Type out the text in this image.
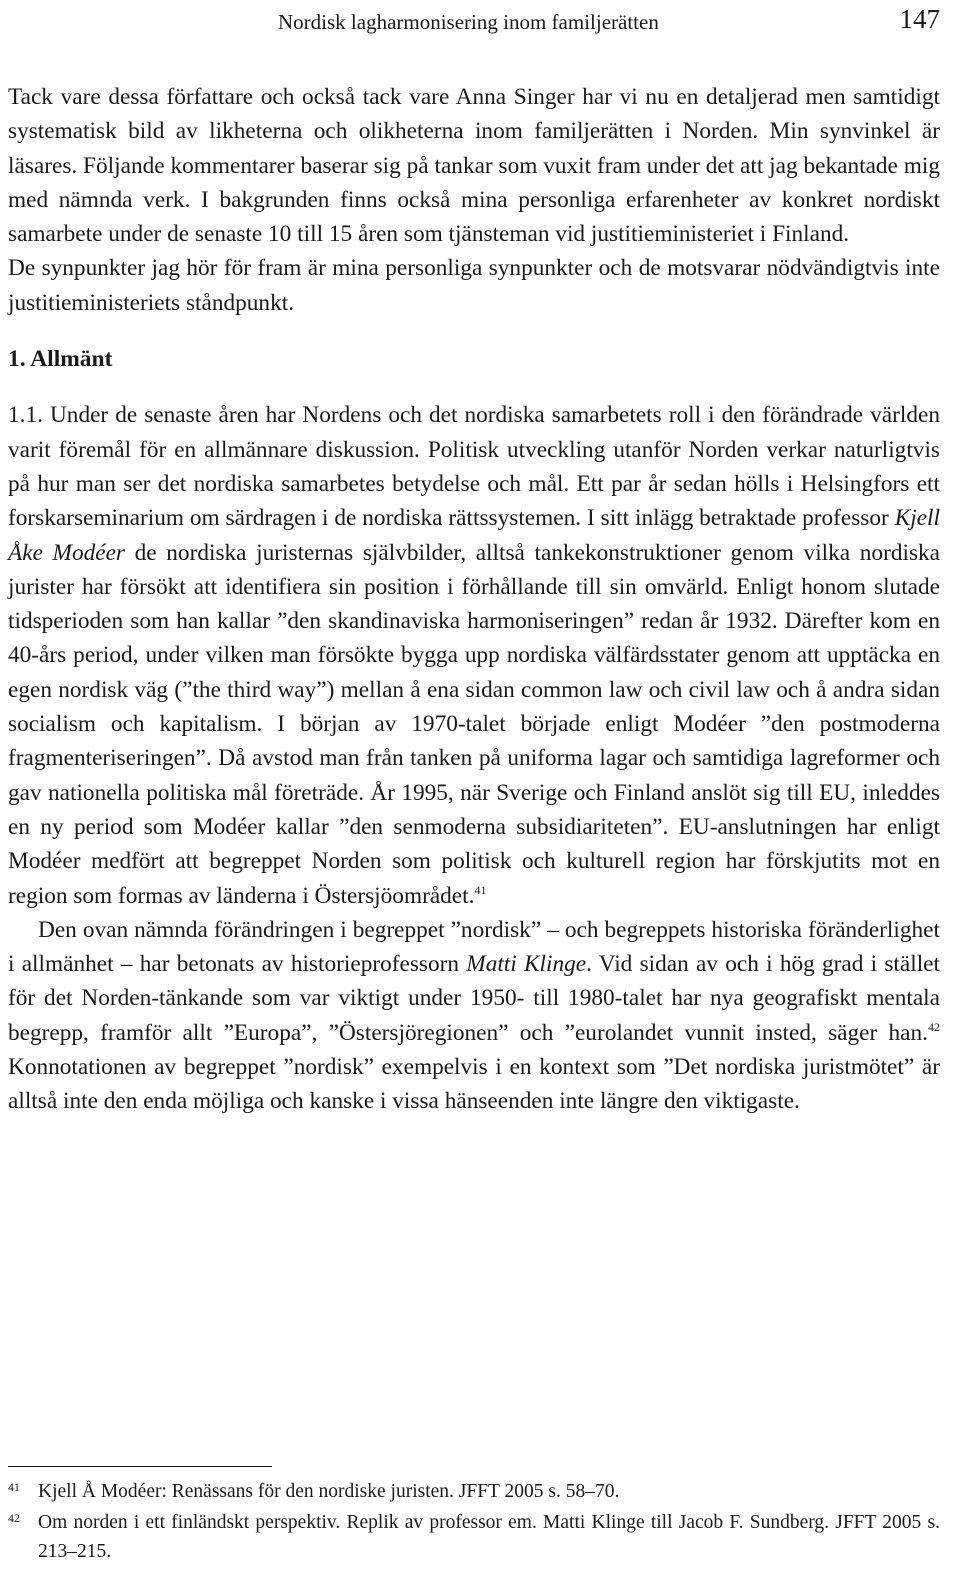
Nordisk lagharmonisering inom familjerätten	147

Tack vare dessa författare och också tack vare Anna Singer har vi nu en detaljerad men samtidigt systematisk bild av likheterna och olikheterna inom familjerätten i Norden. Min synvinkel är läsares. Följande kommentarer baserar sig på tankar som vuxit fram under det att jag bekantade mig med nämnda verk. I bakgrunden finns också mina personliga erfarenheter av konkret nordiskt samarbete under de senaste 10 till 15 åren som tjänsteman vid justitieministeriet i Finland.

De synpunkter jag hör för fram är mina personliga synpunkter och de motsvarar nödvändigtvis inte justitieministeriets ståndpunkt.

1. Allmänt

1.1. Under de senaste åren har Nordens och det nordiska samarbetets roll i den förändrade världen varit föremål för en allmännare diskussion. Politisk utveckling utanför Norden verkar naturligtvis på hur man ser det nordiska samarbetes betydelse och mål. Ett par år sedan hölls i Helsingfors ett forskarseminarium om särdragen i de nordiska rättssystemen. I sitt inlägg betraktade professor Kjell Åke Modéer de nordiska juristernas självbilder, alltså tankekonstruktioner genom vilka nordiska jurister har försökt att identifiera sin position i förhållande till sin omvärld. Enligt honom slutade tidsperioden som han kallar ”den skandinaviska harmoniseringen” redan år 1932. Därefter kom en 40-års period, under vilken man försökte bygga upp nordiska välfärdsstater genom att upptäcka en egen nordisk väg (”the third way”) mellan å ena sidan common law och civil law och å andra sidan socialism och kapitalism. I början av 1970-talet började enligt Modéer ”den postmoderna fragmenteriseringen”. Då avstod man från tanken på uniforma lagar och samtidiga lagreformer och gav nationella politiska mål företräde. År 1995, när Sverige och Finland anslöt sig till EU, inleddes en ny period som Modéer kallar ”den senmoderna subsidiariteten”. EU-anslutningen har enligt Modéer medfört att begreppet Norden som politisk och kulturell region har förskjutits mot en region som formas av länderna i Östersjöområdet.$^{41}$

Den ovan nämnda förändringen i begreppet ”nordisk” – och begreppets historiska föränderlighet i allmänhet – har betonats av historieprofessorn Matti Klinge. Vid sidan av och i hög grad i stället för det Norden-tänkande som var viktigt under 1950- till 1980-talet har nya geografiskt mentala begrepp, framför allt ”Europa”, ”Östersjöregionen” och ”eurolandet vunnit insted, säger han.$^{42}$ Konnotationen av begreppet ”nordisk” exempelvis i en kontext som ”Det nordiska juristmötet” är alltså inte den enda möjliga och kanske i vissa hänseenden inte längre den viktigaste.

41 Kjell Å Modéer: Renässans för den nordiske juristen. JFFT 2005 s. 58–70.
42 Om norden i ett finländskt perspektiv. Replik av professor em. Matti Klinge till Jacob F. Sundberg. JFFT 2005 s. 213–215.
